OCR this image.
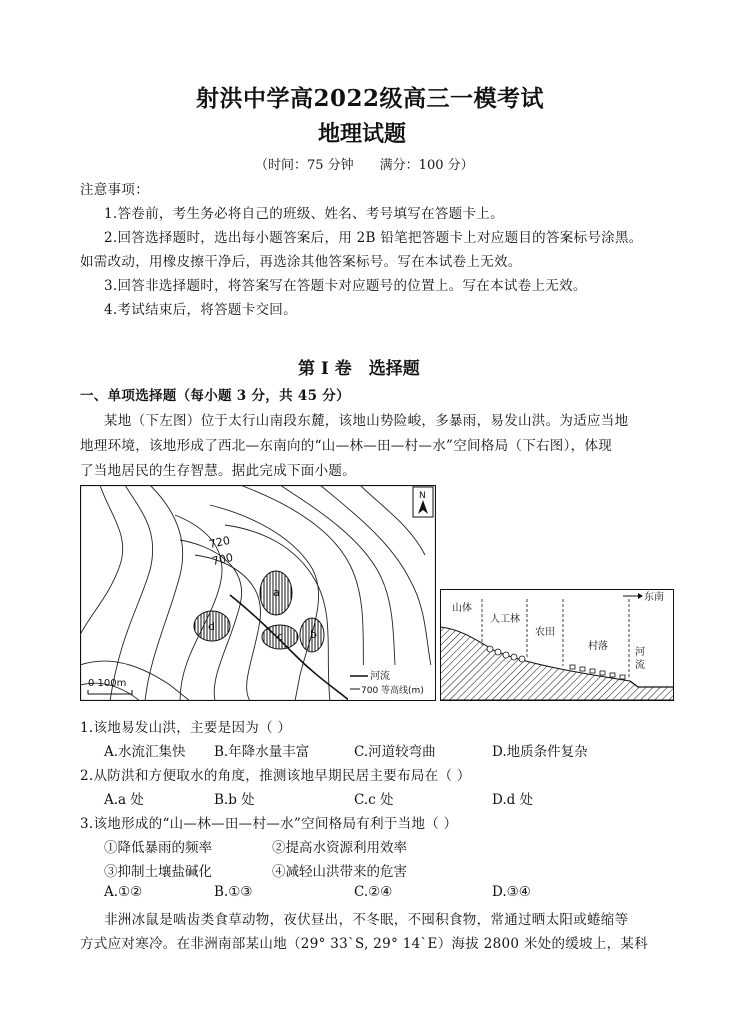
射洪中学高2022级高三一模考试
地理试题
（时间：75 分钟　　满分：100 分）
注意事项：
1.答卷前，考生务必将自己的班级、姓名、考号填写在答题卡上。
2.回答选择题时，选出每小题答案后，用 2B 铅笔把答题卡上对应题目的答案标号涂黑。
如需改动，用橡皮擦干净后，再选涂其他答案标号。写在本试卷上无效。
3.回答非选择题时，将答案写在答题卡对应题号的位置上。写在本试卷上无效。
4.考试结束后，将答题卡交回。
第 I 卷　选择题
一、单项选择题（每小题 3 分，共 45 分）
某地（下左图）位于太行山南段东麓，该地山势险峻，多暴雨，易发山洪。为适应当地
地理环境，该地形成了西北—东南向的“山—林—田—村—水”空间格局（下右图），体现
了当地居民的生存智慧。据此完成下面小题。
a
b
c
d
720
700
N
0 100m
河流
700 等高线(m)
东南
山体
人工林
农田
村落
河
流
1.该地易发山洪，主要是因为（ ）
A.水流汇集快 B.年降水量丰富	C.河道较弯曲	D.地质条件复杂
2.从防洪和方便取水的角度，推测该地早期民居主要布局在（ ）
A.a 处	B.b 处	C.c 处	D.d 处
3.该地形成的“山—林—田—村—水”空间格局有利于当地（ ）
①降低暴雨的频率	②提高水资源利用效率
③抑制土壤盐碱化	④减轻山洪带来的危害
A.①②	B.①③	C.②④	D.③④
非洲冰鼠是啮齿类食草动物，夜伏昼出，不冬眠，不囤积食物，常通过晒太阳或蜷缩等
方式应对寒冷。在非洲南部某山地（29° 33`S, 29° 14`E）海拔 2800 米处的缓坡上，某科
